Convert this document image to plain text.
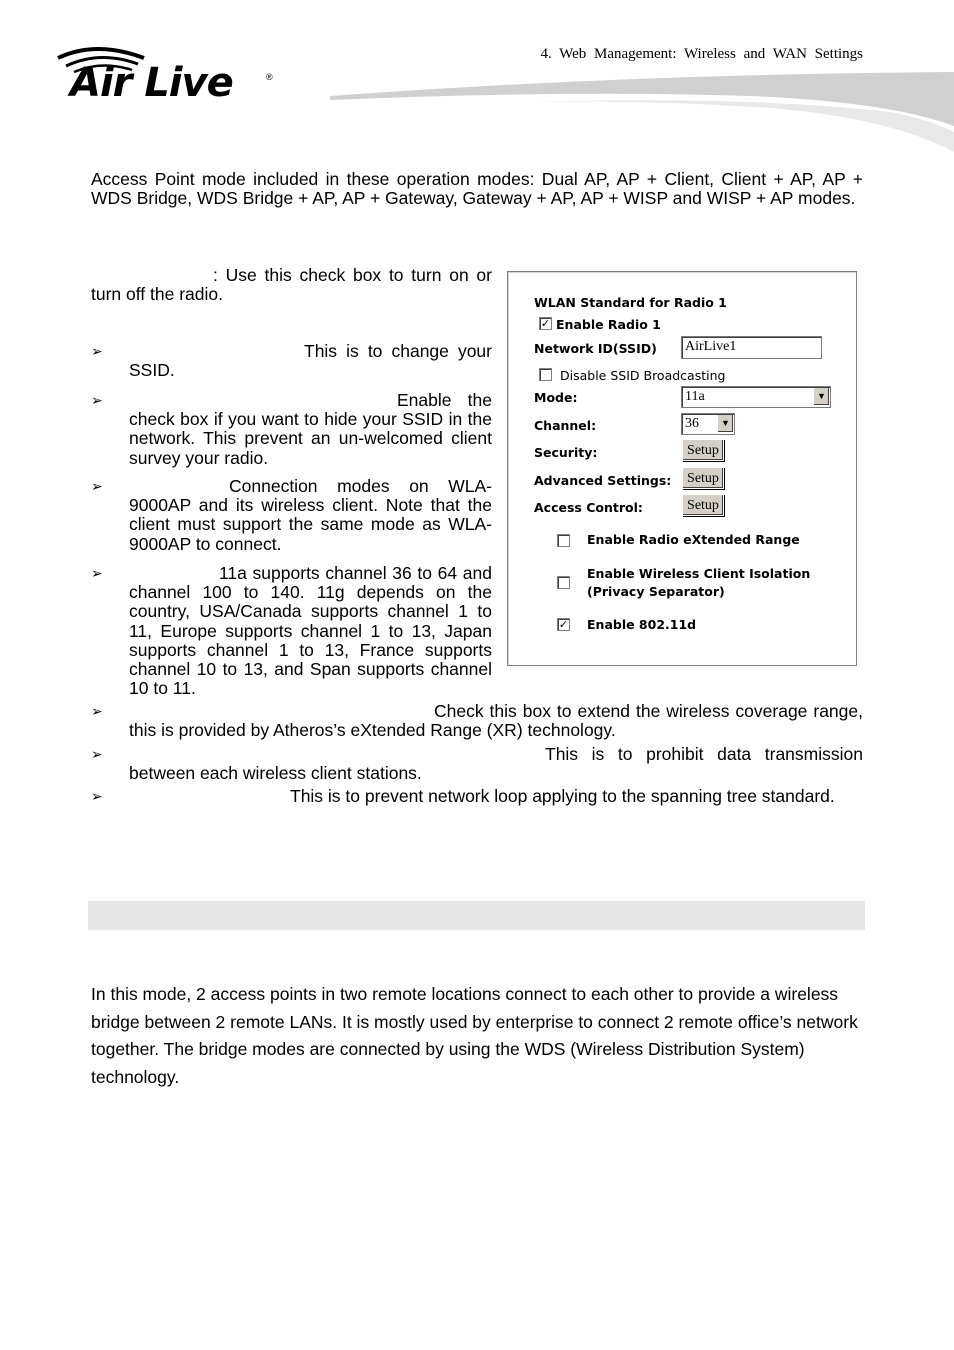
Air Live	®
4. Web Management: Wireless and WAN Settings
Access Point mode included in these operation modes: Dual AP, AP + Client, Client + AP, AP + WDS Bridge, WDS Bridge + AP, AP + Gateway, Gateway + AP, AP + WISP and WISP + AP modes.
: Use this check box to turn on or turn off the radio.
➢	This is to change your SSID.
➢	Enable the check box if you want to hide your SSID in the network. This prevent an un-welcomed client survey your radio.
➢	Connection modes on WLA-9000AP and its wireless client. Note that the client must support the same mode as WLA-9000AP to connect.
➢	11a supports channel 36 to 64 and channel 100 to 140. 11g depends on the country, USA/Canada supports channel 1 to 11, Europe supports channel 1 to 13, Japan supports channel 1 to 13, France supports channel 10 to 13, and Span supports channel 10 to 11.
➢	Check this box to extend the wireless coverage range, this is provided by Atheros’s eXtended Range (XR) technology.
➢	This is to prohibit data transmission between each wireless client stations.
➢	This is to prevent network loop applying to the spanning tree standard.
WLAN Standard for Radio 1
✓ Enable Radio 1
Network ID(SSID) AirLive1
Disable SSID Broadcasting
Mode:	11a	▼
Channel:	36	▼
Security:	Setup
Advanced Settings:	Setup
Access Control:	Setup
Enable Radio eXtended Range
Enable Wireless Client Isolation
(Privacy Separator)
✓ Enable 802.11d
In this mode, 2 access points in two remote locations connect to each other to provide a wireless bridge between 2 remote LANs. It is mostly used by enterprise to connect 2 remote office’s network together. The bridge modes are connected by using the WDS (Wireless Distribution System) technology.
